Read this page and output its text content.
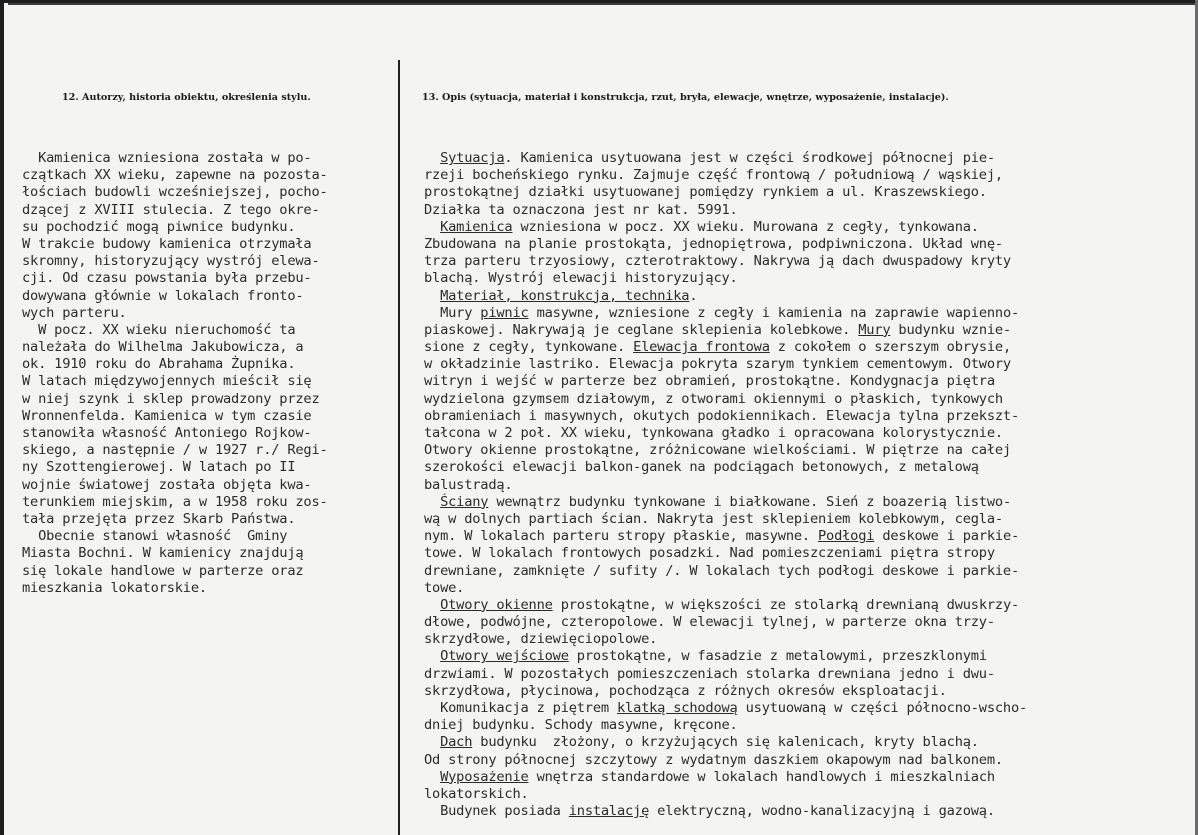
12. Autorzy, historia obiektu, określenia stylu.	13. Opis (sytuacja, materiał i konstrukcja, rzut, bryła, elewacje, wnętrze, wyposażenie, instalacje).
Kamienica wzniesiona została w po-
czątkach XX wieku, zapewne na pozosta-
łościach budowli wcześniejszej, pocho-
dzącej z XVIII stulecia. Z tego okre-
su pochodzić mogą piwnice budynku.
W trakcie budowy kamienica otrzymała
skromny, historyzujący wystrój elewa-
cji. Od czasu powstania była przebu-
dowywana głównie w lokalach fronto-
wych parteru.
W pocz. XX wieku nieruchomość ta
należała do Wilhelma Jakubowicza, a
ok. 1910 roku do Abrahama Żupnika.
W latach międzywojennych mieścił się
w niej szynk i sklep prowadzony przez
Wronnenfelda. Kamienica w tym czasie
stanowiła własność Antoniego Rojkow-
skiego, a następnie / w 1927 r./ Regi-
ny Szottengierowej. W latach po II
wojnie światowej została objęta kwa-
terunkiem miejskim, a w 1958 roku zos-
tała przejęta przez Skarb Państwa.
Obecnie stanowi własność  Gminy
Miasta Bochni. W kamienicy znajdują
się lokale handlowe w parterze oraz
mieszkania lokatorskie.
Sytuacja. Kamienica usytuowana jest w części środkowej północnej pie-
rzeji bocheńskiego rynku. Zajmuje część frontową / południową / wąskiej,
prostokątnej działki usytuowanej pomiędzy rynkiem a ul. Kraszewskiego.
Działka ta oznaczona jest nr kat. 5991.
Kamienica wzniesiona w pocz. XX wieku. Murowana z cegły, tynkowana.
Zbudowana na planie prostokąta, jednopiętrowa, podpiwniczona. Układ wnę-
trza parteru trzyosiowy, czterotraktowy. Nakrywa ją dach dwuspadowy kryty
blachą. Wystrój elewacji historyzujący.
Materiał, konstrukcja, technika.
Mury piwnic masywne, wzniesione z cegły i kamienia na zaprawie wapienno-
piaskowej. Nakrywają je ceglane sklepienia kolebkowe. Mury budynku wznie-
sione z cegły, tynkowane. Elewacja frontowa z cokołem o szerszym obrysie,
w okładzinie lastriko. Elewacja pokryta szarym tynkiem cementowym. Otwory
witryn i wejść w parterze bez obramień, prostokątne. Kondygnacja piętra
wydzielona gzymsem działowym, z otworami okiennymi o płaskich, tynkowych
obramieniach i masywnych, okutych podokiennikach. Elewacja tylna przekszt-
tałcona w 2 poł. XX wieku, tynkowana gładko i opracowana kolorystycznie.
Otwory okienne prostokątne, zróżnicowane wielkościami. W piętrze na całej
szerokości elewacji balkon-ganek na podciągach betonowych, z metalową
balustradą.
Ściany wewnątrz budynku tynkowane i białkowane. Sień z boazerią listwo-
wą w dolnych partiach ścian. Nakryta jest sklepieniem kolebkowym, cegla-
nym. W lokalach parteru stropy płaskie, masywne. Podłogi deskowe i parkie-
towe. W lokalach frontowych posadzki. Nad pomieszczeniami piętra stropy
drewniane, zamknięte / sufity /. W lokalach tych podłogi deskowe i parkie-
towe.
Otwory okienne prostokątne, w większości ze stolarką drewnianą dwuskrzy-
dłowe, podwójne, czteropolowe. W elewacji tylnej, w parterze okna trzy-
skrzydłowe, dziewięciopolowe.
Otwory wejściowe prostokątne, w fasadzie z metalowymi, przeszklonymi
drzwiami. W pozostałych pomieszczeniach stolarka drewniana jedno i dwu-
skrzydłowa, płycinowa, pochodząca z różnych okresów eksploatacji.
Komunikacja z piętrem klatką schodową usytuowaną w części północno-wscho-
dniej budynku. Schody masywne, kręcone.
Dach budynku  złożony, o krzyżujących się kalenicach, kryty blachą.
Od strony północnej szczytowy z wydatnym daszkiem okapowym nad balkonem.
Wyposażenie wnętrza standardowe w lokalach handlowych i mieszkalniach
lokatorskich.
Budynek posiada instalację elektryczną, wodno-kanalizacyjną i gazową.
